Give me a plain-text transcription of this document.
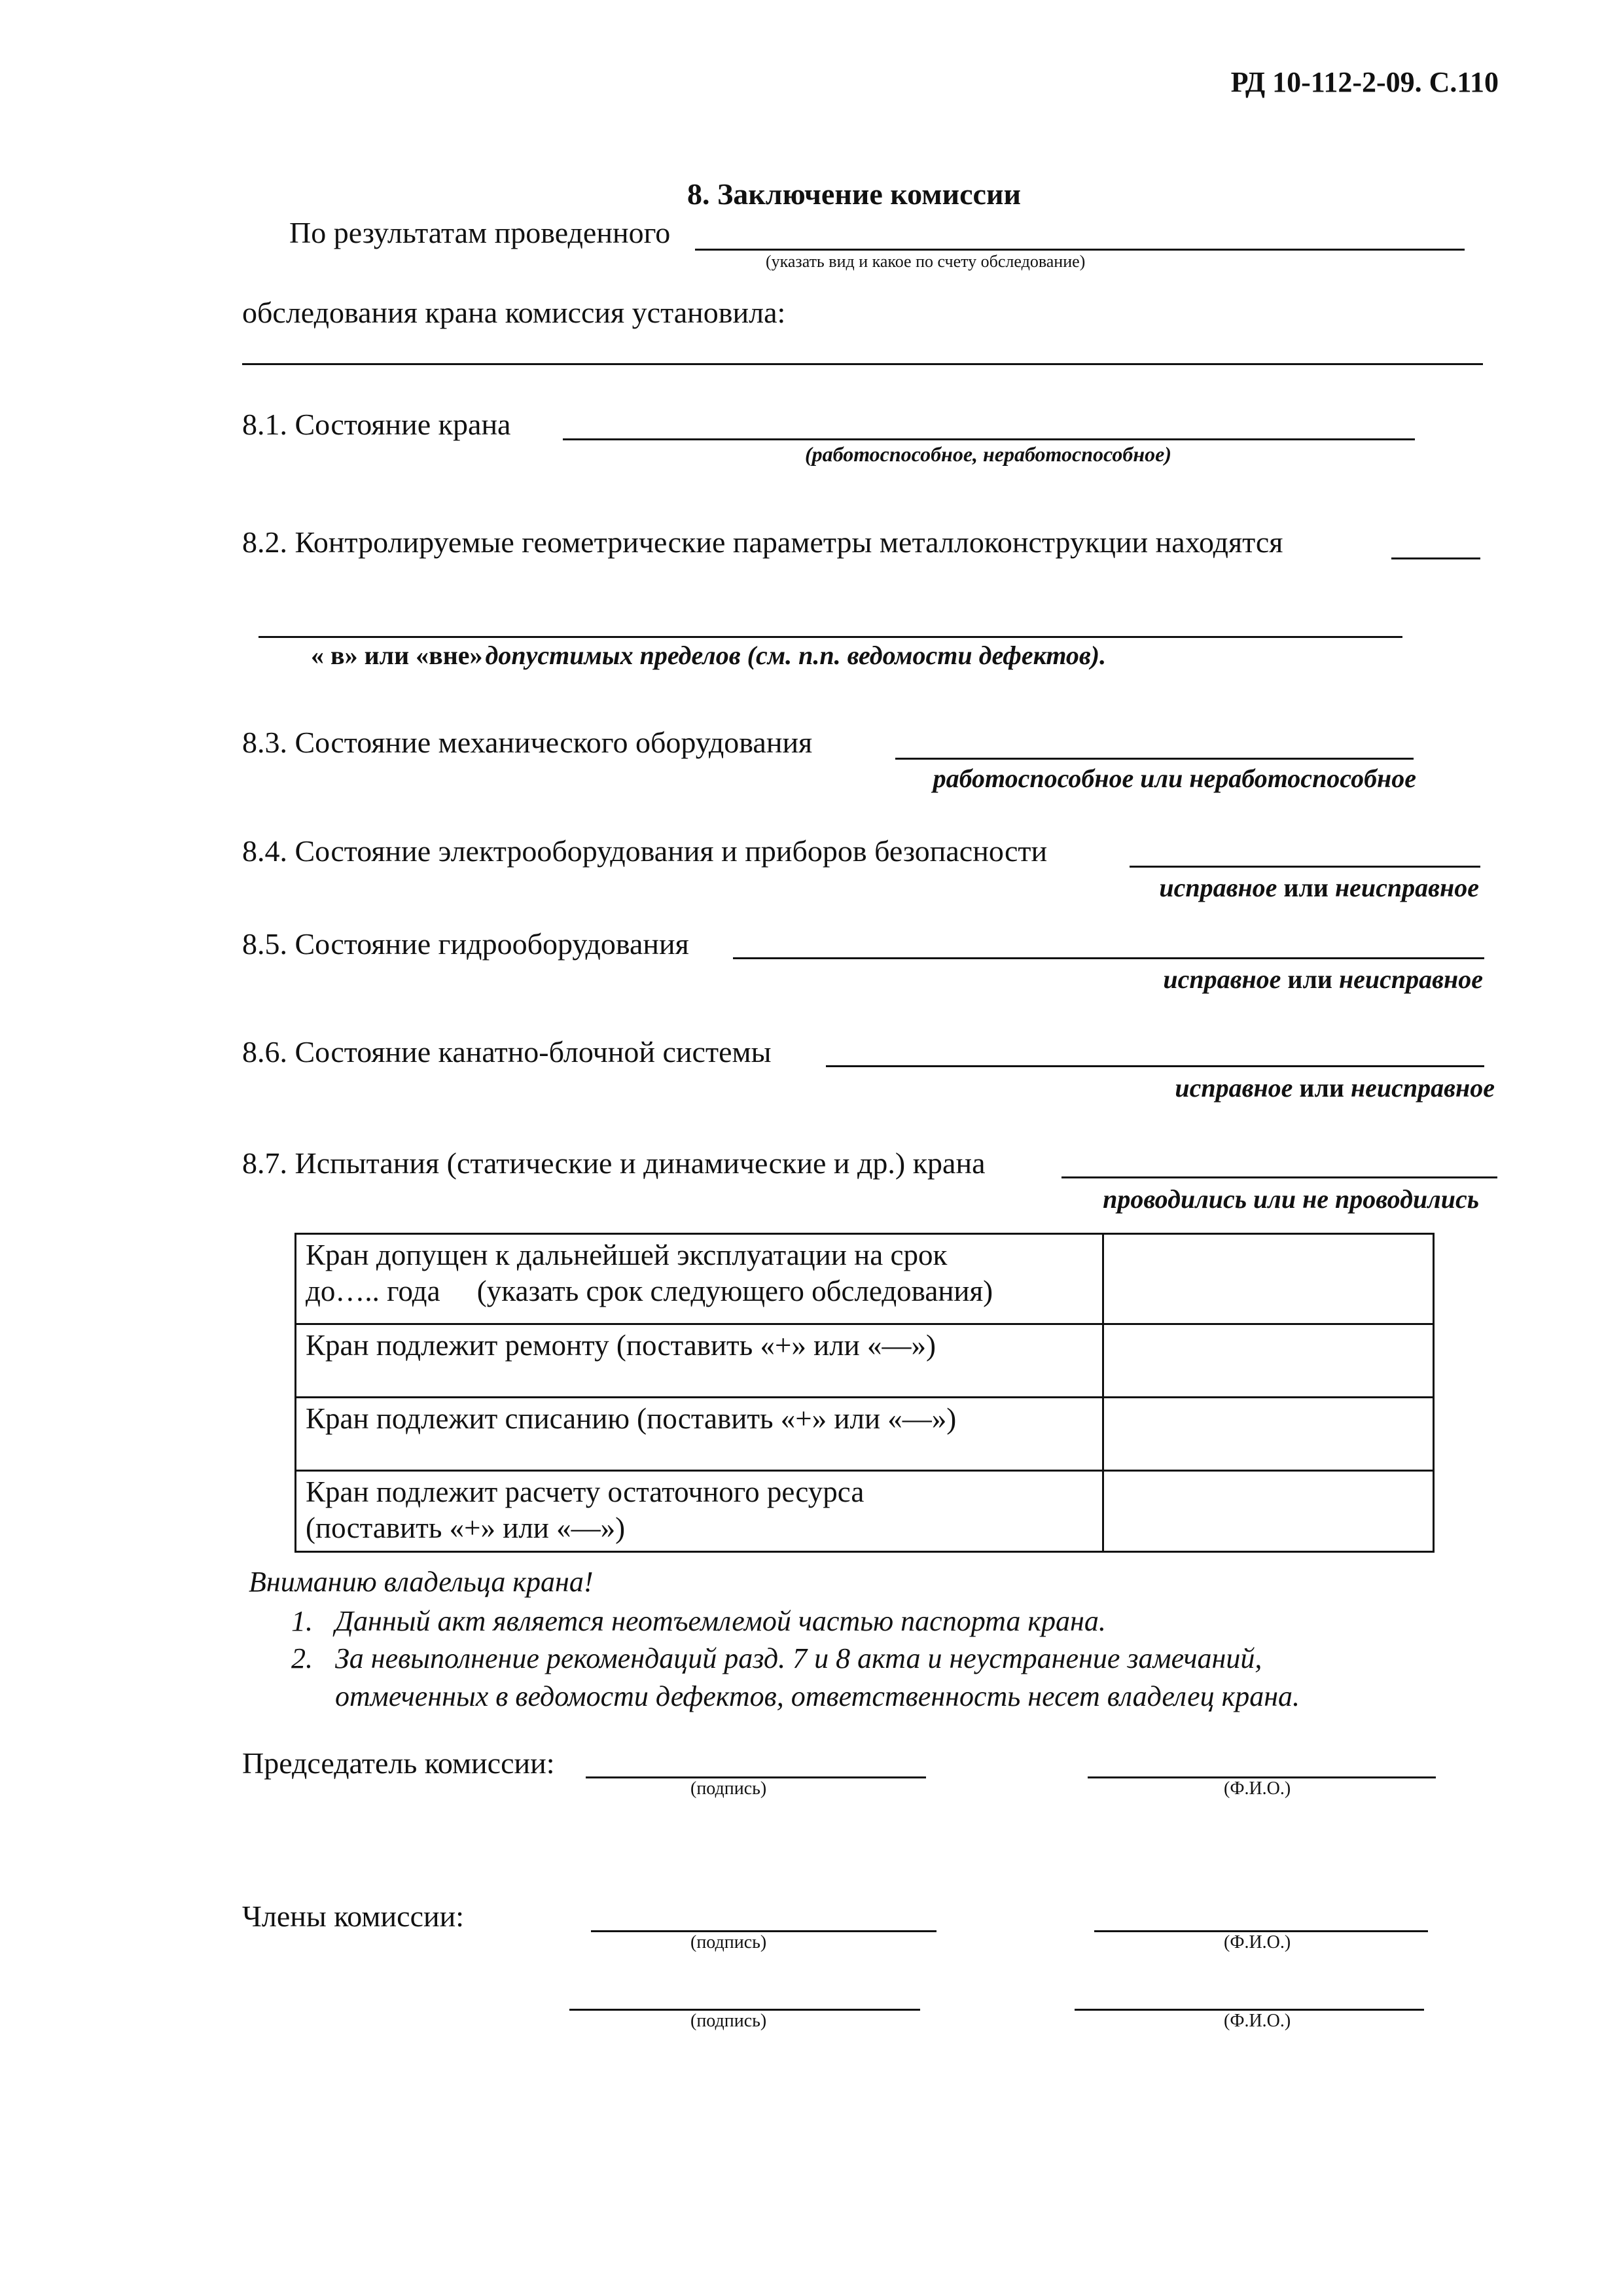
РД 10-112-2-09. С.110
8. Заключение комиссии
По результатам проведенного
(указать вид и какое по счету обследование)
обследования крана комиссия установила:
8.1. Состояние крана
(работоспособное, неработоспособное)
8.2. Контролируемые геометрические параметры металлоконструкции находятся
« в» или «вне» допустимых пределов (см. п.п. ведомости дефектов).
8.3. Состояние механического оборудования
работоспособное или неработоспособное
8.4. Состояние электрооборудования и приборов безопасности
исправное или неисправное
8.5. Состояние гидрооборудования
исправное или неисправное
8.6. Состояние канатно-блочной системы
исправное или неисправное
8.7. Испытания (статические и динамические и др.) крана
проводились или не проводились
Кран допущен к дальнейшей эксплуатации на срок
до….. года     (указать срок следующего обследования)	

Кран подлежит ремонту (поставить «+» или «—»)	

Кран подлежит списанию (поставить «+» или «—»)	

Кран подлежит расчету остаточного ресурса
(поставить «+» или «—»)	

Вниманию владельца крана!
1. Данный акт является неотъемлемой частью паспорта крана.
2. За невыполнение рекомендаций разд. 7 и 8 акта и неустранение замечаний,
отмеченных в ведомости дефектов, ответственность несет владелец крана.
Председатель комиссии:
(подпись)	(Ф.И.О.)
Члены комиссии:
(подпись)	(Ф.И.О.)
(подпись)	(Ф.И.О.)
